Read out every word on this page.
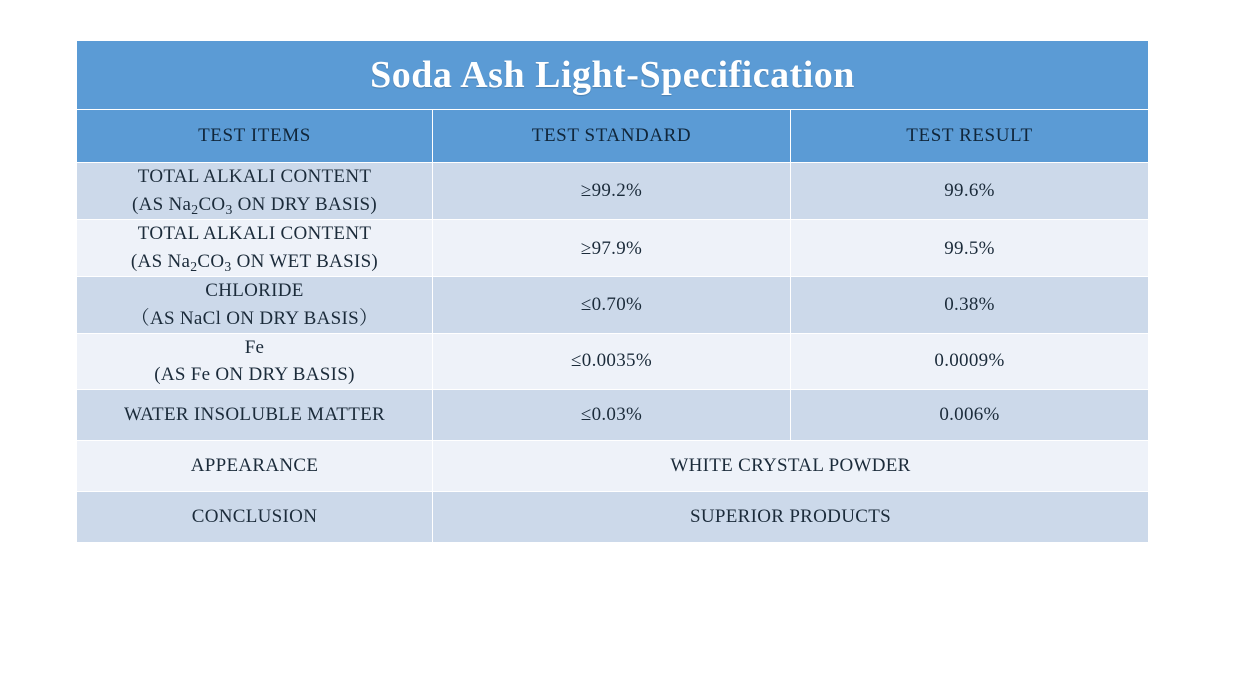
Soda Ash Light-Specification		
TEST ITEMS	TEST STANDARD	TEST RESULT
TOTAL ALKALI CONTENT
(AS $Na_2CO_3$ ON DRY BASIS)	≥99.2%	99.6%
TOTAL ALKALI CONTENT
(AS $Na_2CO_3$ ON WET BASIS)	≥97.9%	99.5%
CHLORIDE
（AS NaCl ON DRY BASIS）	≤0.70%	0.38%
Fe
(AS Fe ON DRY BASIS)	≤0.0035%	0.0009%
WATER INSOLUBLE MATTER	≤0.03%	0.006%
APPEARANCE	WHITE CRYSTAL POWDER	
CONCLUSION	SUPERIOR PRODUCTS	
